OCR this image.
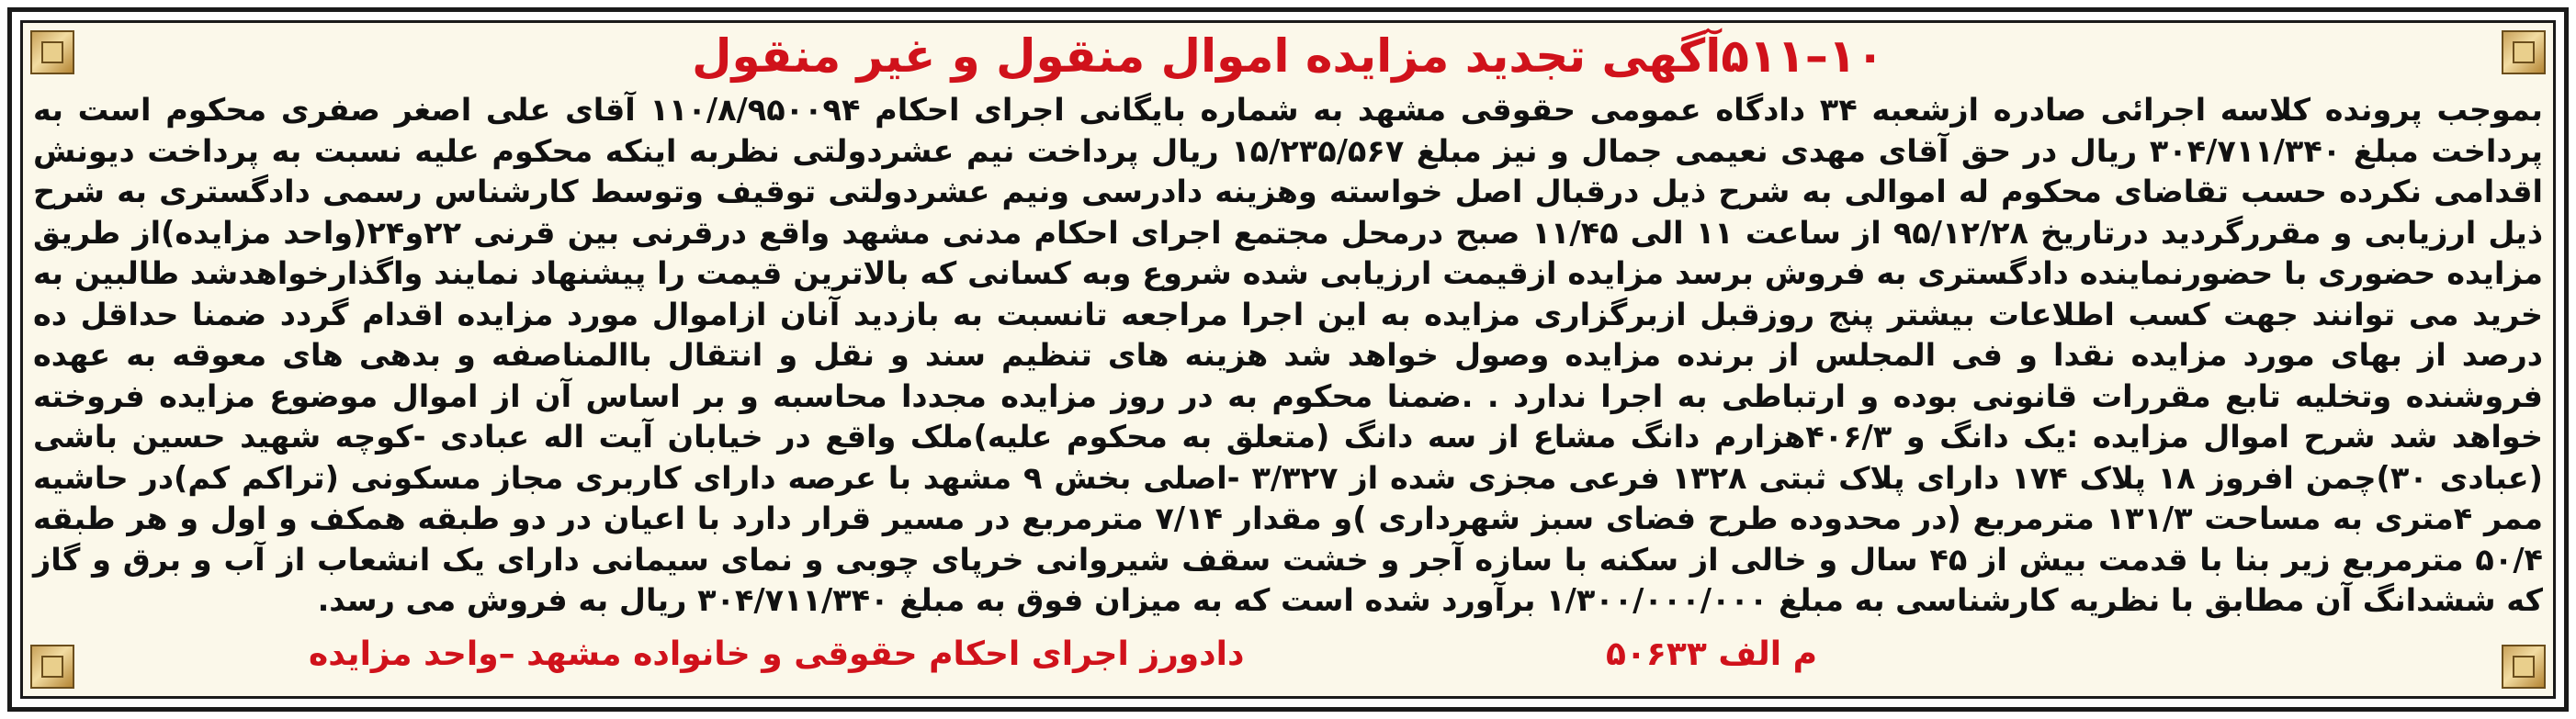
۱۰–۵۱۱آگهی تجدید مزایده اموال منقول و غیر منقول

بموجب پرونده کلاسه اجرائی صادره ازشعبه ۳۴ دادگاه عمومی حقوقی مشهد به شماره بایگانی اجرای احکام ۱۱۰/۸/۹۵۰۰۹۴ آقای علی اصغر صفری محکوم است به پرداخت مبلغ ۳۰۴/۷۱۱/۳۴۰ ریال در حق آقای مهدی نعیمی جمال و نیز مبلغ ۱۵/۲۳۵/۵۶۷ ریال پرداخت نیم عشردولتی نظربه اینکه محکوم علیه نسبت به پرداخت دیونش اقدامی نکرده حسب تقاضای محکوم له اموالی به شرح ذیل درقبال اصل خواسته وهزینه دادرسی ونیم عشردولتی توقیف وتوسط کارشناس رسمی دادگستری به شرح ذیل ارزیابی و مقررگردید درتاریخ ۹۵/۱۲/۲۸ از ساعت ۱۱ الی ۱۱/۴۵ صبح درمحل مجتمع اجرای احکام مدنی مشهد واقع درقرنی بین قرنی ۲۲و۲۴(واحد مزایده)از طریق مزایده حضوری با حضورنماینده دادگستری به فروش برسد مزایده ازقیمت ارزیابی شده شروع وبه کسانی که بالاترین قیمت را پیشنهاد نمایند واگذارخواهدشد طالبین به خرید می توانند جهت کسب اطلاعات بیشتر پنج روزقبل ازبرگزاری مزایده به این اجرا مراجعه تانسبت به بازدید آنان ازاموال مورد مزایده اقدام گردد ضمنا حداقل ده درصد از بهای مورد مزایده نقدا و فی المجلس از برنده مزایده وصول خواهد شد هزینه های تنظیم سند و نقل و انتقال باالمناصفه و بدهی های معوقه به عهده فروشنده وتخلیه تابع مقررات قانونی بوده و ارتباطی به اجرا ندارد . .ضمنا محکوم به در روز مزایده مجددا محاسبه و بر اساس آن از اموال موضوع مزایده فروخته خواهد شد شرح اموال مزایده :یک دانگ و ۴۰۶/۳هزارم دانگ مشاع از سه دانگ (متعلق به محکوم علیه)ملک واقع در خیابان آیت اله عبادی -کوچه شهید حسین باشی (عبادی ۳۰)چمن افروز ۱۸ پلاک ۱۷۴ دارای پلاک ثبتی ۱۳۲۸ فرعی مجزی شده از ۳/۳۲۷ -اصلی بخش ۹ مشهد با عرصه دارای کاربری مجاز مسکونی (تراکم کم)در حاشیه ممر ۴متری به مساحت ۱۳۱/۳ مترمربع (در محدوده طرح فضای سبز شهرداری )و مقدار ۷/۱۴ مترمربع در مسیر قرار دارد با اعیان در دو طبقه همکف و اول و هر طبقه ۵۰/۴ مترمربع زیر بنا با قدمت بیش از ۴۵ سال و خالی از سکنه با سازه آجر و خشت سقف شیروانی خرپای چوبی و نمای سیمانی دارای یک انشعاب از آب و برق و گاز که ششدانگ آن مطابق با نظریه کارشناسی به مبلغ ۱/۳۰۰/۰۰۰/۰۰۰ برآورد شده است که به میزان فوق به مبلغ ۳۰۴/۷۱۱/۳۴۰ ریال به فروش می رسد.

م الف ۵۰۶۳۳
دادورز اجرای احکام حقوقی و خانواده مشهد –واحد مزایده
